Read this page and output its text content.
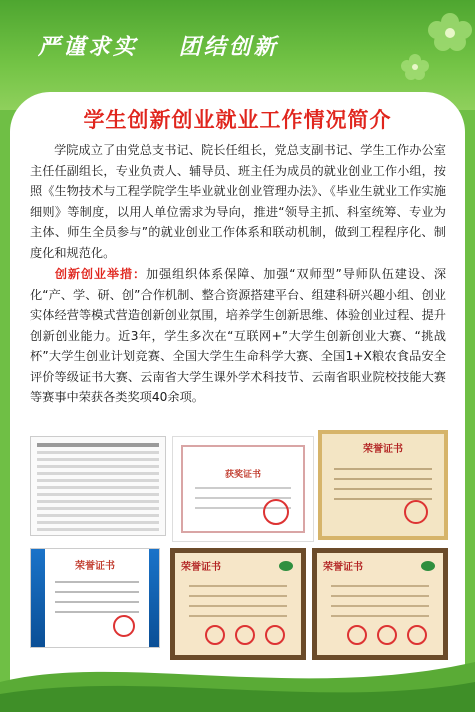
严谨求实 团结创新
学生创新创业就业工作情况简介
学院成立了由党总支书记、院长任组长，党总支副书记、学生工作办公室主任任副组长，专业负责人、辅导员、班主任为成员的就业创业工作小组，按照《生物技术与工程学院学生毕业就业创业管理办法》、《毕业生就业工作实施细则》等制度，以用人单位需求为导向，推进“领导主抓、科室统筹、专业为主体、师生全员参与”的就业创业工作体系和联动机制，做到工程程序化、制度化和规范化。
创新创业举措：加强组织体系保障、加强“双师型”导师队伍建设、深化“产、学、研、创”合作机制、整合资源搭建平台、组建科研兴趣小组、创业实体经营等模式营造创新创业氛围，培养学生创新思维、体验创业过程、提升创新创业能力。近3年，学生多次在“互联网+”大学生创新创业大赛、“挑战杯”大学生创业计划竞赛、全国大学生生命科学大赛、全国1+X粮农食品安全评价等级证书大赛、云南省大学生课外学术科技节、云南省职业院校技能大赛等赛事中荣获各类奖项40余项。
获奖证书
荣誉证书
荣誉证书	荣誉证书	荣誉证书
